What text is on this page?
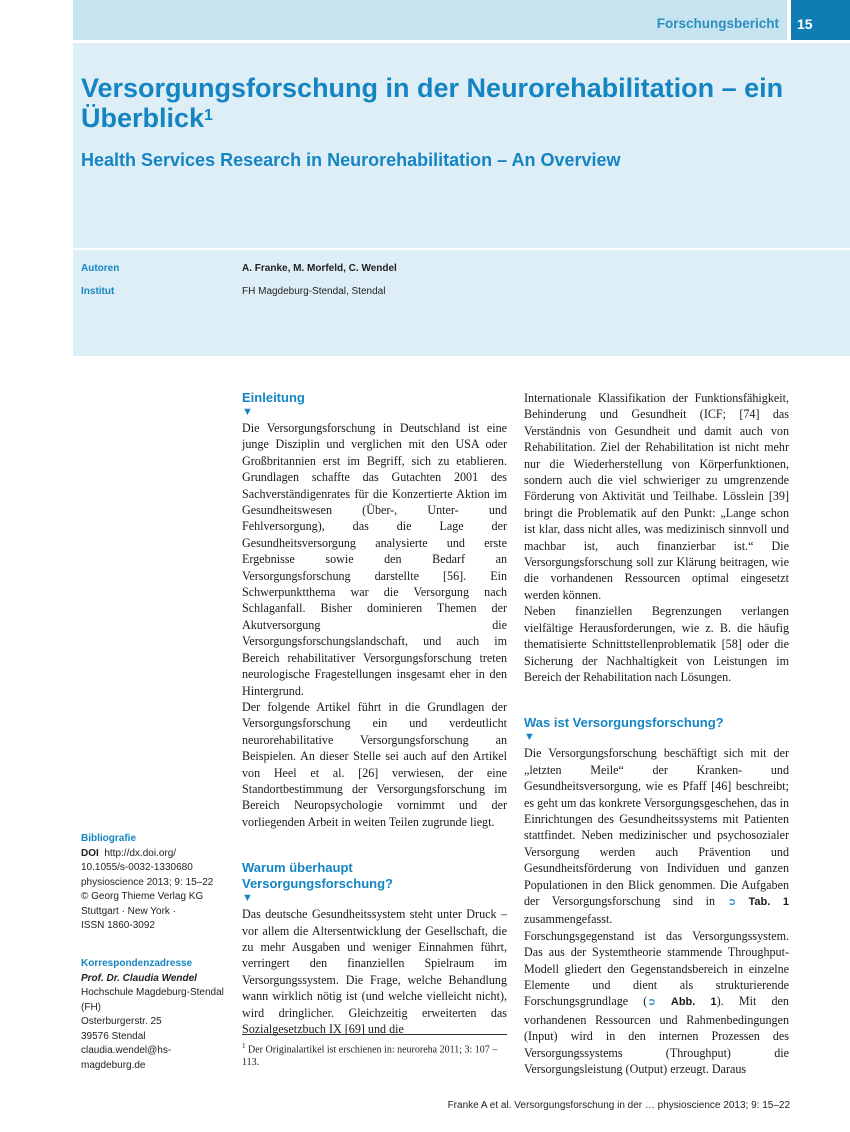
Forschungsbericht 15
Versorgungsforschung in der Neurorehabilitation – ein Überblick$^1$
Health Services Research in Neurorehabilitation – An Overview
Autoren	A. Franke, M. Morfeld, C. Wendel
Institut	FH Magdeburg-Stendal, Stendal
Bibliografie
DOI http://dx.doi.org/
10.1055/s-0032-1330680
physioscience 2013; 9: 15–22
© Georg Thieme Verlag KG
Stuttgart · New York ·
ISSN 1860-3092
Korrespondenzadresse
Prof. Dr. Claudia Wendel
Hochschule Magdeburg-Stendal
(FH)
Osterburgerstr. 25
39576 Stendal
claudia.wendel@hs-
magdeburg.de
Einleitung
▼

Die Versorgungsforschung in Deutschland ist eine junge Disziplin und verglichen mit den USA oder Großbritannien erst im Begriff, sich zu etablieren. Grundlagen schaffte das Gutachten 2001 des Sachverständigenrates für die Konzertierte Aktion im Gesundheitswesen (Über-, Unter- und Fehlversorgung), das die Lage der Gesundheitsversorgung analysierte und erste Ergebnisse sowie den Bedarf an Versorgungsforschung darstellte [56]. Ein Schwerpunktthema war die Versorgung nach Schlaganfall. Bisher dominieren Themen der Akutversorgung die Versorgungsforschungslandschaft, und auch im Bereich rehabilitativer Versorgungsforschung treten neurologische Fragestellungen insgesamt eher in den Hintergrund.

Der folgende Artikel führt in die Grundlagen der Versorgungsforschung ein und verdeutlicht neurorehabilitative Versorgungsforschung an Beispielen. An dieser Stelle sei auch auf den Artikel von Heel et al. [26] verwiesen, der eine Standortbestimmung der Versorgungsforschung im Bereich Neuropsychologie vornimmt und der vorliegenden Arbeit in weiten Teilen zugrunde liegt.

Warum überhaupt Versorgungsforschung?
▼

Das deutsche Gesundheitssystem steht unter Druck – vor allem die Altersentwicklung der Gesellschaft, die zu mehr Ausgaben und weniger Einnahmen führt, verringert den finanziellen Spielraum im Versorgungssystem. Die Frage, welche Behandlung wann wirklich nötig ist (und welche vielleicht nicht), wird dringlicher. Gleichzeitig erweiterten das Sozialgesetzbuch IX [69] und die

Internationale Klassifikation der Funktionsfähigkeit, Behinderung und Gesundheit (ICF; [74] das Verständnis von Gesundheit und damit auch von Rehabilitation. Ziel der Rehabilitation ist nicht mehr nur die Wiederherstellung von Körperfunktionen, sondern auch die viel schwieriger zu umgrenzende Förderung von Aktivität und Teilhabe. Lösslein [39] bringt die Problematik auf den Punkt: „Lange schon ist klar, dass nicht alles, was medizinisch sinnvoll und machbar ist, auch finanzierbar ist.“ Die Versorgungsforschung soll zur Klärung beitragen, wie die vorhandenen Ressourcen optimal eingesetzt werden können.

Neben finanziellen Begrenzungen verlangen vielfältige Herausforderungen, wie z. B. die häufig thematisierte Schnittstellenproblematik [58] oder die Sicherung der Nachhaltigkeit von Leistungen im Bereich der Rehabilitation nach Lösungen.

Was ist Versorgungsforschung?
▼

Die Versorgungsforschung beschäftigt sich mit der „letzten Meile“ der Kranken- und Gesundheitsversorgung, wie es Pfaff [46] beschreibt; es geht um das konkrete Versorgungsgeschehen, das in Einrichtungen des Gesundheitssystems mit Patienten stattfindet. Neben medizinischer und psychosozialer Versorgung werden auch Prävention und Gesundheitsförderung von Individuen und ganzen Populationen in den Blick genommen. Die Aufgaben der Versorgungsforschung sind in ➲ Tab. 1 zusammengefasst.

Forschungsgegenstand ist das Versorgungssystem. Das aus der Systemtheorie stammende Throughput-Modell gliedert den Gegenstandsbereich in einzelne Elemente und dient als strukturierende Forschungsgrundlage (➲ Abb. 1). Mit den vorhandenen Ressourcen und Rahmenbedingungen (Input) wird in den internen Prozessen des Versorgungssystems (Throughput) die Versorgungsleistung (Output) erzeugt. Daraus

$^1$ Der Originalartikel ist erschienen in: neuroreha 2011; 3: 107 – 113.
Franke A et al. Versorgungsforschung in der … physioscience 2013; 9: 15–22
